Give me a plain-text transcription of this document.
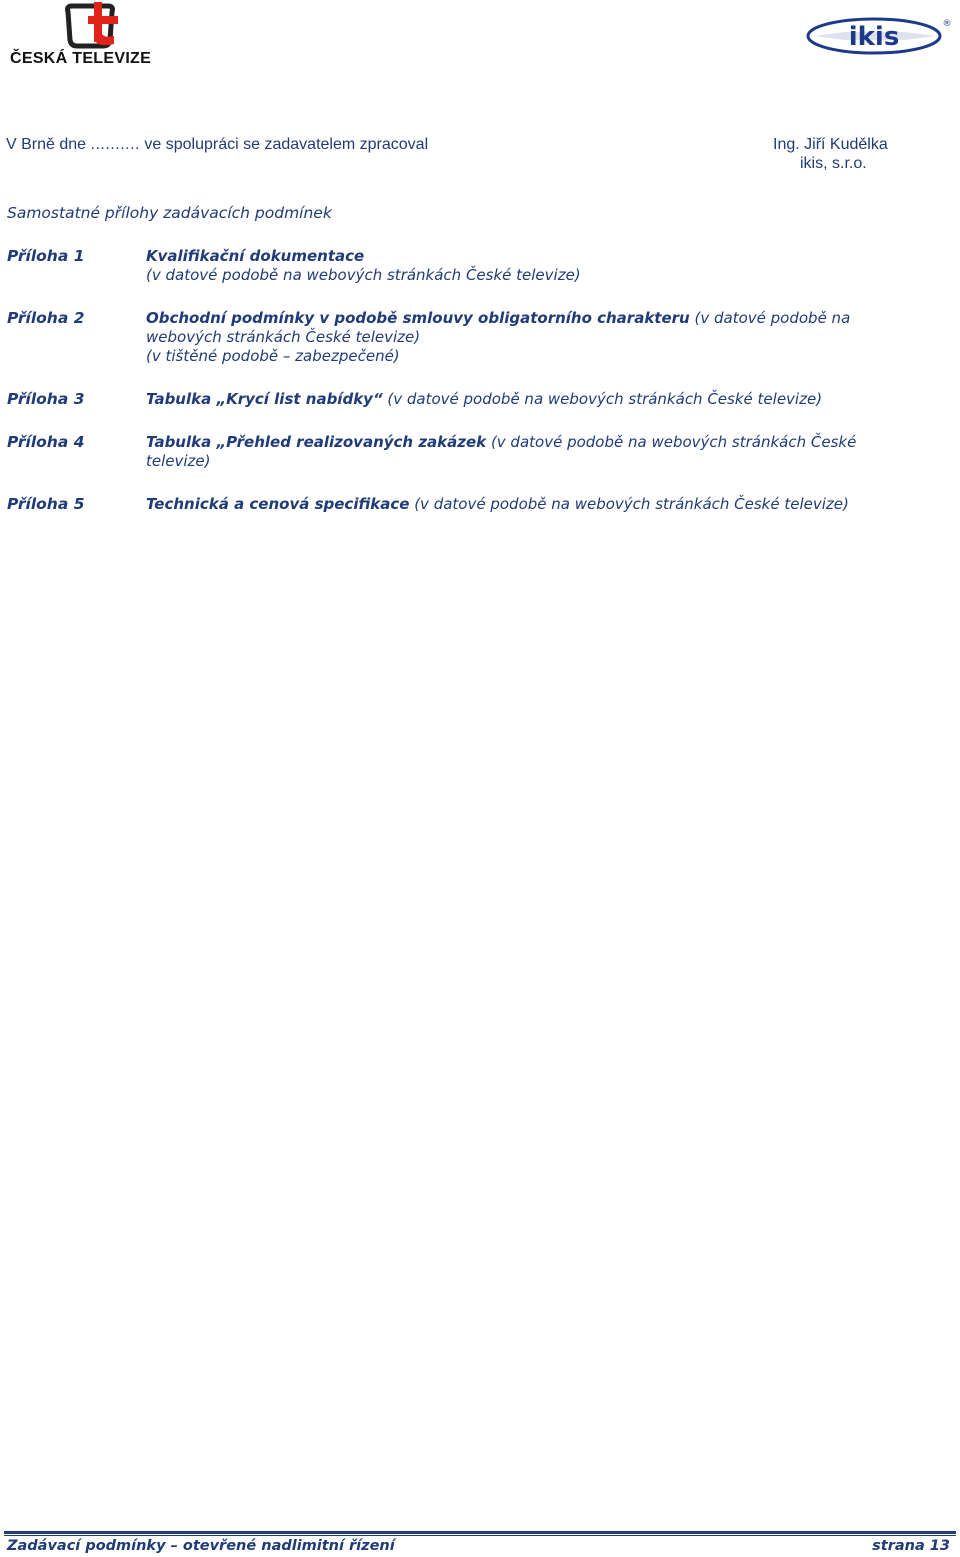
ČESKÁ TELEVIZE
ikis	®
V Brně dne .......... ve spolupráci se zadavatelem zpracoval	Ing. Jiří Kudělka
ikis, s.r.o.
Samostatné přílohy zadávacích podmínek
Příloha 1	Kvalifikační dokumentace
(v datové podobě na webových stránkách České televize)
Příloha 2	Obchodní podmínky v podobě smlouvy obligatorního charakteru (v datové podobě na webových stránkách České televize)
(v tištěné podobě – zabezpečené)
Příloha 3	Tabulka „Krycí list nabídky“ (v datové podobě na webových stránkách České televize)
Příloha 4	Tabulka „Přehled realizovaných zakázek (v datové podobě na webových stránkách České televize)
Příloha 5	Technická a cenová specifikace (v datové podobě na webových stránkách České televize)
Zadávací podmínky – otevřené nadlimitní řízení	strana 13
